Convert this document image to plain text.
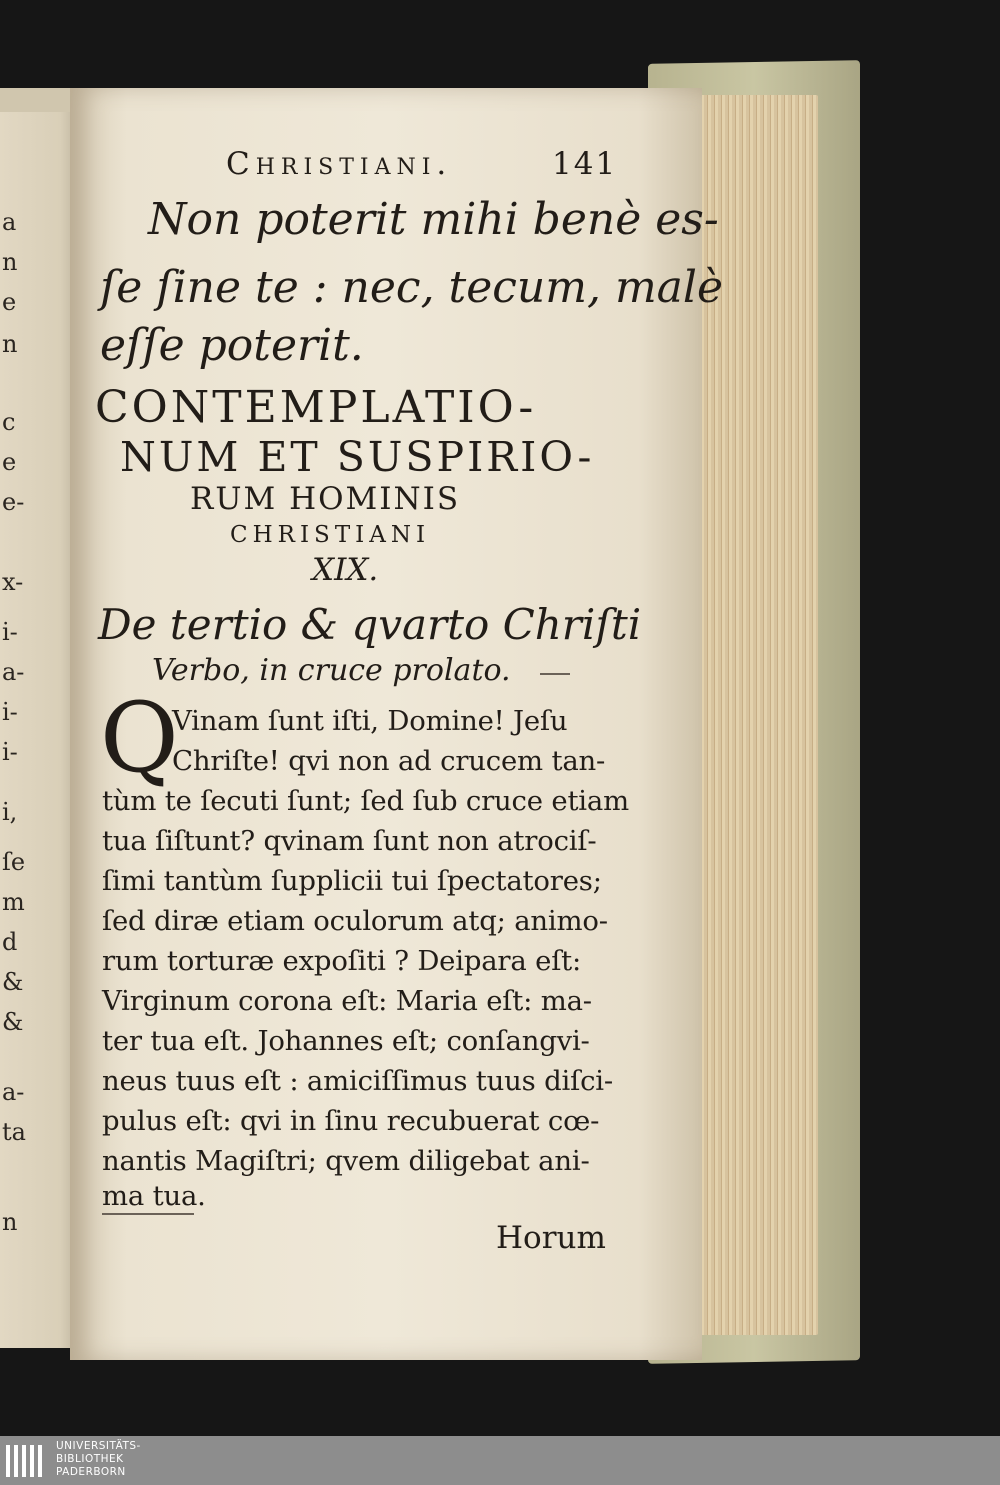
a
n
e
n
c
e
e-
x-
i-
a-
i-
i-
i,
ſe
m
d
&
&
a-
ta
n
Christiani.	141
Non poterit mihi benè es-
ſe ſine te : nec, tecum, malè
eſſe poterit.
CONTEMPLATIO-
NUM ET SUSPIRIO-
RUM HOMINIS
CHRISTIANI
XIX.
De tertio & qvarto Chriſti
Verbo, in cruce prolato.
Q
Vinam ſunt iſti, Domine! Jeſu
Chriſte! qvi non ad crucem tan-
tùm te ſecuti ſunt; ſed ſub cruce etiam
tua ſiſtunt? qvinam ſunt non atrociſ-
ſimi tantùm ſupplicii tui ſpectatores;
ſed diræ etiam oculorum atq; animo-
rum torturæ expoſiti ? Deipara eſt:
Virginum corona eſt: Maria eſt: ma-
ter tua eſt. Johannes eſt; conſangvi-
neus tuus eſt : amiciſſimus tuus diſci-
pulus eſt: qvi in ſinu recubuerat cœ-
nantis Magiſtri; qvem diligebat ani-
ma tua.
Horum
UNIVERSITÄTS-
BIBLIOTHEK
PADERBORN
